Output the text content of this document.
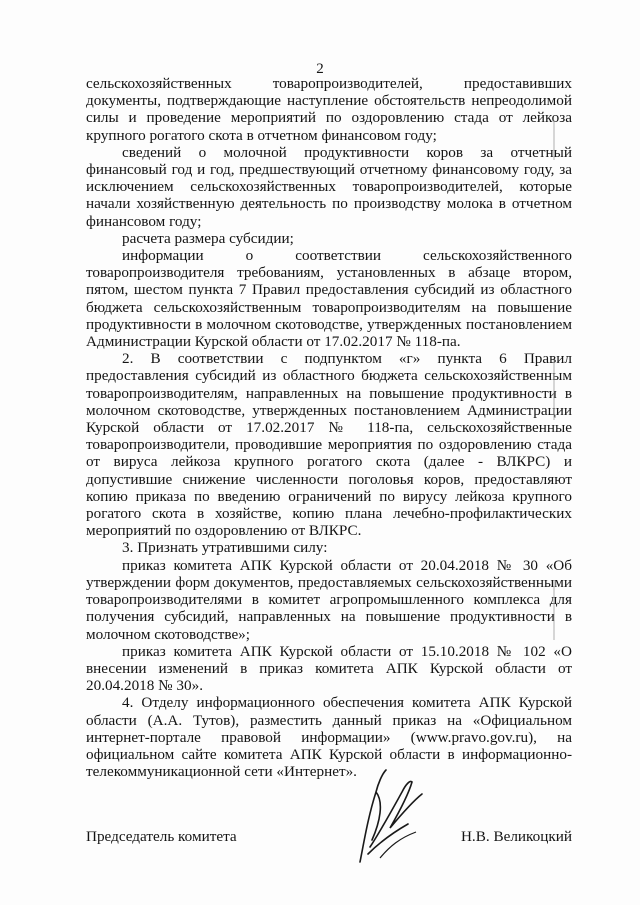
2

сельскохозяйственных товаропроизводителей, предоставивших документы, подтверждающие наступление обстоятельств непреодолимой силы и проведение мероприятий по оздоровлению стада от лейкоза крупного рогатого скота в отчетном финансовом году;

сведений о молочной продуктивности коров за отчетный финансовый год и год, предшествующий отчетному финансовому году, за исключением сельскохозяйственных товаропроизводителей, которые начали хозяйственную деятельность по производству молока в отчетном финансовом году;

расчета размера субсидии;

информации о соответствии сельскохозяйственного товаропроизводителя требованиям, установленных в абзаце втором, пятом, шестом пункта 7 Правил предоставления субсидий из областного бюджета сельскохозяйственным товаропроизводителям на повышение продуктивности в молочном скотоводстве, утвержденных постановлением Администрации Курской области от 17.02.2017 № 118-па.

2. В соответствии с подпунктом «г» пункта 6 Правил предоставления субсидий из областного бюджета сельскохозяйственным товаропроизводителям, направленных на повышение продуктивности в молочном скотоводстве, утвержденных постановлением Администрации Курской области от 17.02.2017 № 118-па, сельскохозяйственные товаропроизводители, проводившие мероприятия по оздоровлению стада от вируса лейкоза крупного рогатого скота (далее - ВЛКРС) и допустившие снижение численности поголовья коров, предоставляют копию приказа по введению ограничений по вирусу лейкоза крупного рогатого скота в хозяйстве, копию плана лечебно-профилактических мероприятий по оздоровлению от ВЛКРС.

3. Признать утратившими силу:

приказ комитета АПК Курской области от 20.04.2018 № 30 «Об утверждении форм документов, предоставляемых сельскохозяйственными товаропроизводителями в комитет агропромышленного комплекса для получения субсидий, направленных на повышение продуктивности в молочном скотоводстве»;

приказ комитета АПК Курской области от 15.10.2018 № 102 «О внесении изменений в приказ комитета АПК Курской области от 20.04.2018 № 30».

4. Отделу информационного обеспечения комитета АПК Курской области (А.А. Тутов), разместить данный приказ на «Официальном интернет-портале правовой информации» (www.pravo.gov.ru), на официальном сайте комитета АПК Курской области в информационно-телекоммуникационной сети «Интернет».

Председатель комитета	Н.В. Великоцкий
